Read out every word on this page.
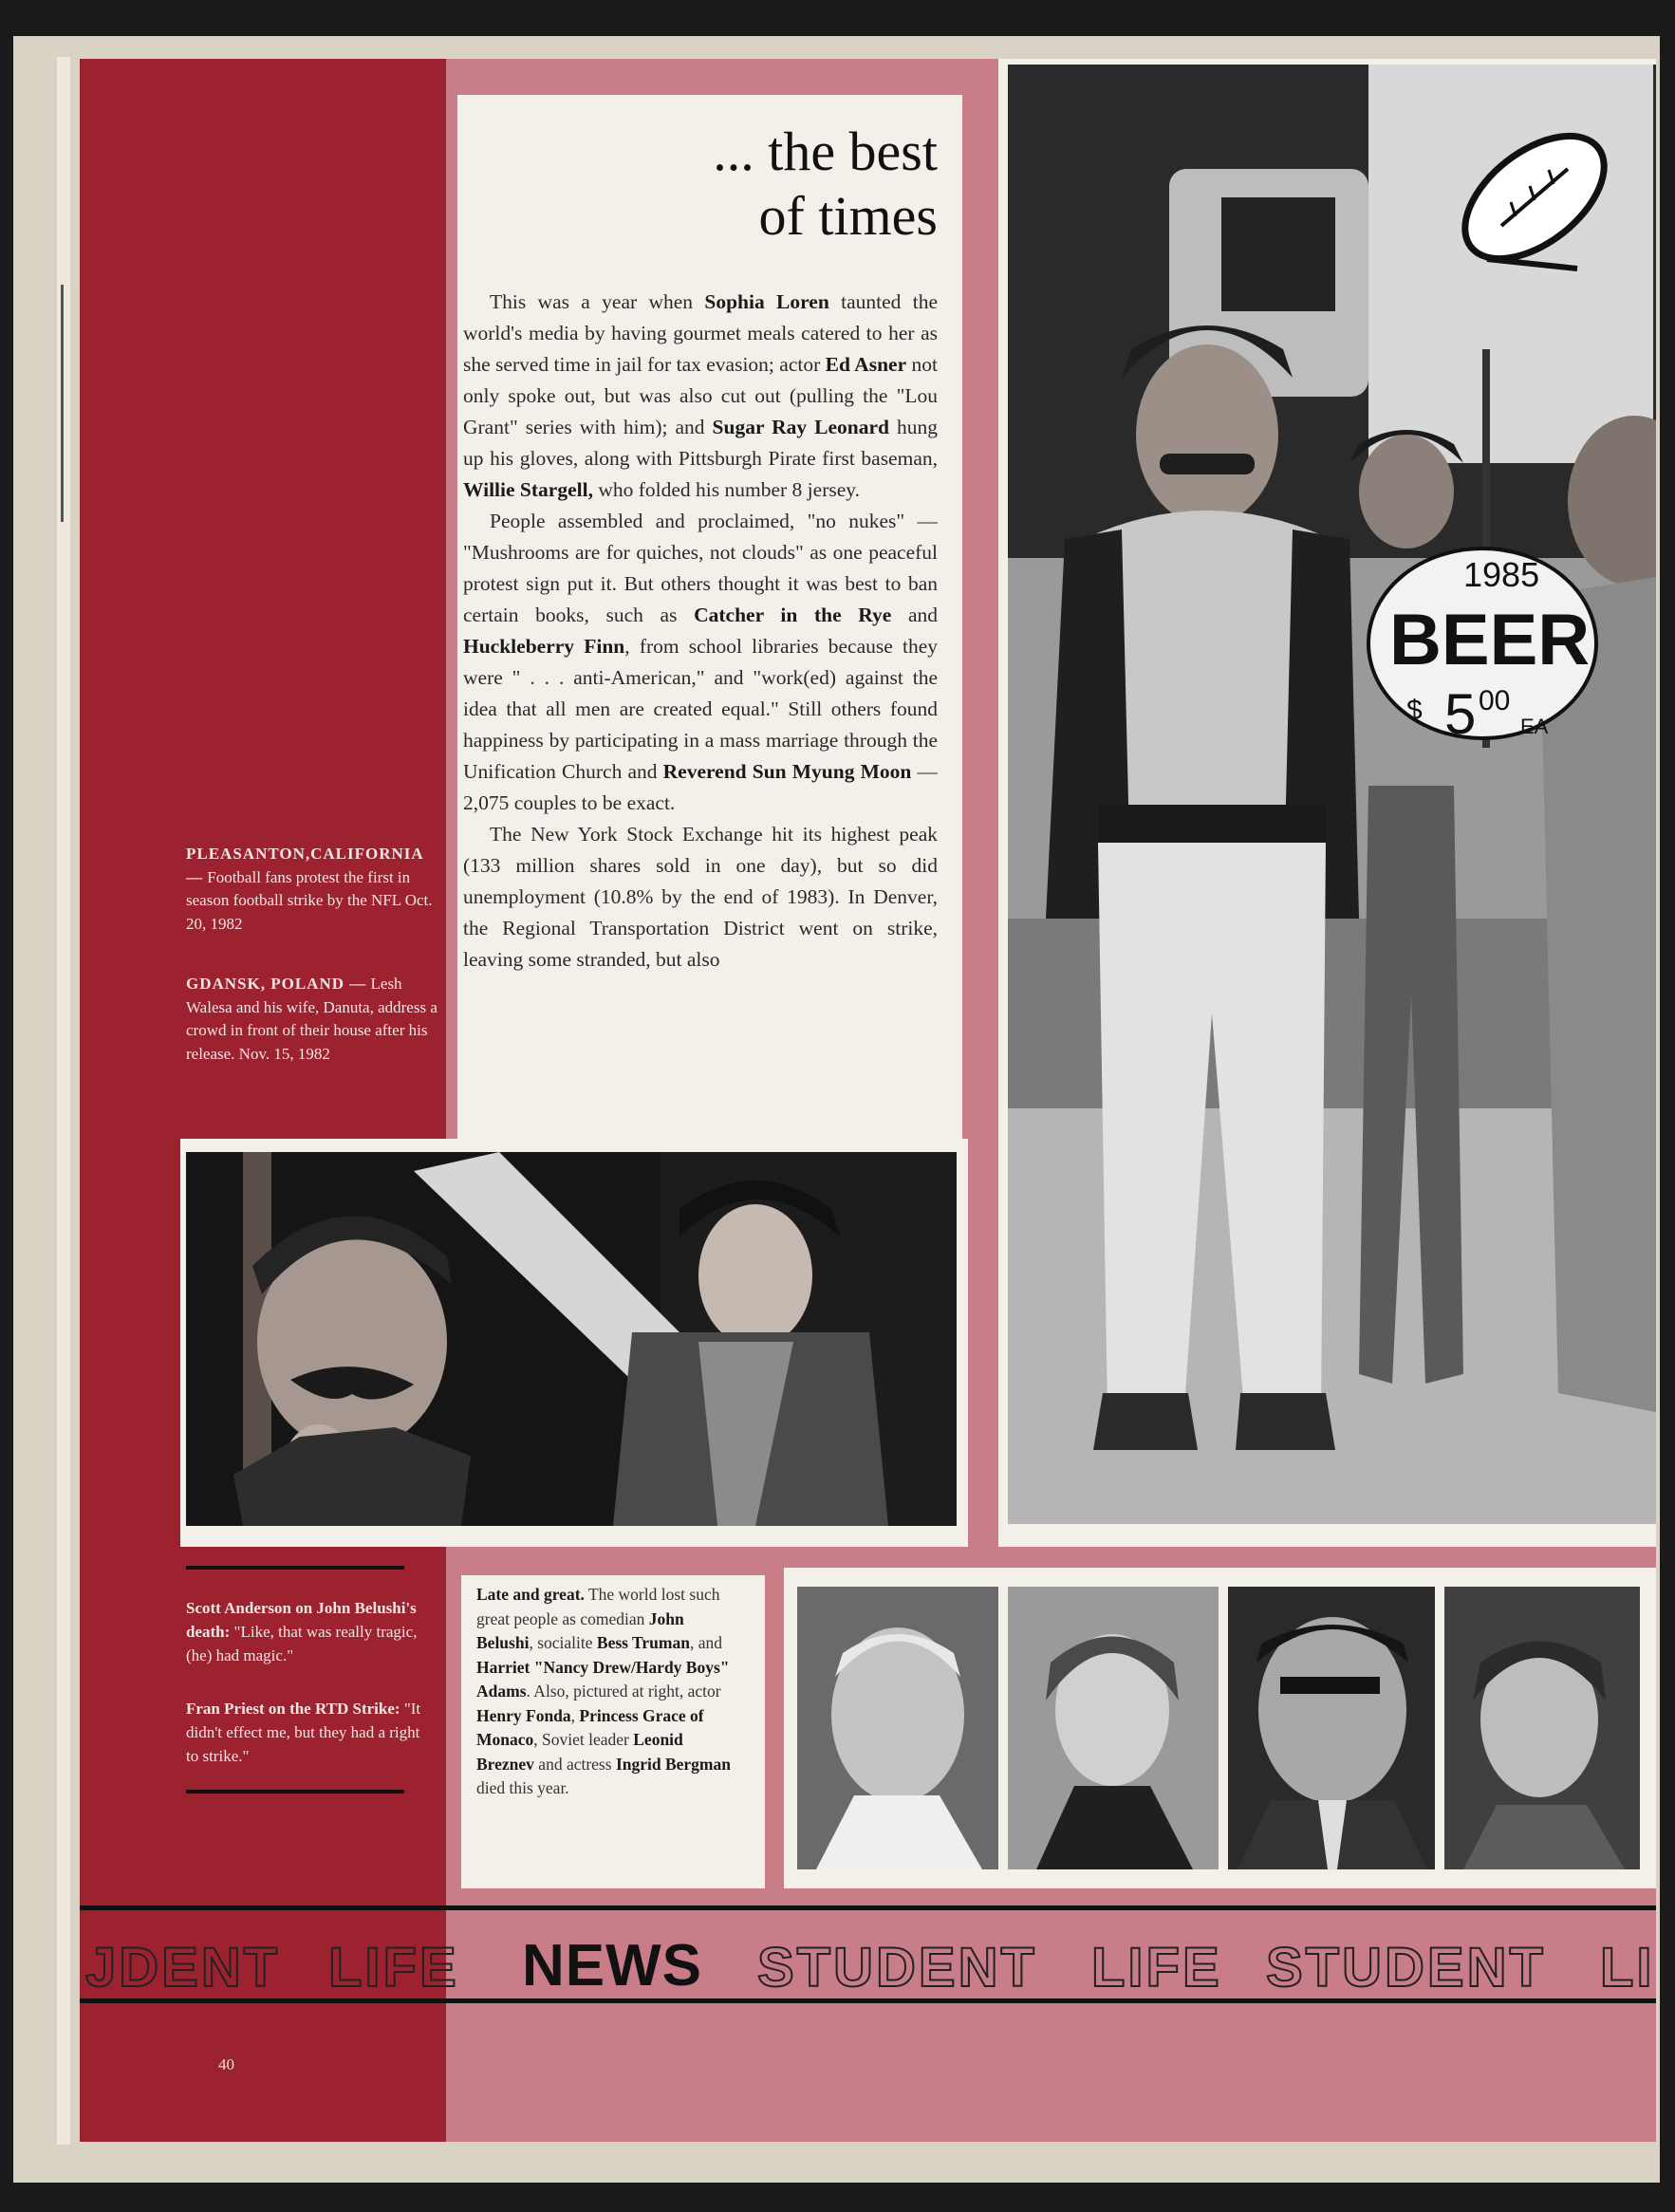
... the best
of times

This was a year when Sophia Loren taunted the world's media by having gourmet meals catered to her as she served time in jail for tax evasion; actor Ed Asner not only spoke out, but was also cut out (pulling the "Lou Grant" series with him); and Sugar Ray Leonard hung up his gloves, along with Pittsburgh Pirate first baseman, Willie Stargell, who folded his number 8 jersey.

People assembled and proclaimed, "no nukes" — "Mushrooms are for quiches, not clouds" as one peaceful protest sign put it. But others thought it was best to ban certain books, such as Catcher in the Rye and Huckleberry Finn, from school libraries because they were " . . . anti-American," and "work(ed) against the idea that all men are created equal." Still others found happiness by participating in a mass marriage through the Unification Church and Reverend Sun Myung Moon — 2,075 couples to be exact.

The New York Stock Exchange hit its highest peak (133 million shares sold in one day), but so did unemployment (10.8% by the end of 1983). In Denver, the Regional Transportation District went on strike, leaving some stranded, but also

PLEASANTON,CALIFORNIA — Football fans protest the first in season football strike by the NFL Oct. 20, 1982
GDANSK, POLAND — Lesh Walesa and his wife, Danuta, address a crowd in front of their house after his release. Nov. 15, 1982
1985
BEER
$ 5 00
EA
Scott Anderson on John Belushi's death: "Like, that was really tragic, (he) had magic."
Fran Priest on the RTD Strike: "It didn't effect me, but they had a right to strike."
Late and great. The world lost such great people as comedian John Belushi, socialite Bess Truman, and Harriet "Nancy Drew/Hardy Boys" Adams. Also, pictured at right, actor Henry Fonda, Princess Grace of Monaco, Soviet leader Leonid Breznev and actress Ingrid Bergman died this year.
JDENT LIFE NEWS STUDENT LIFE STUDENT LI
40
